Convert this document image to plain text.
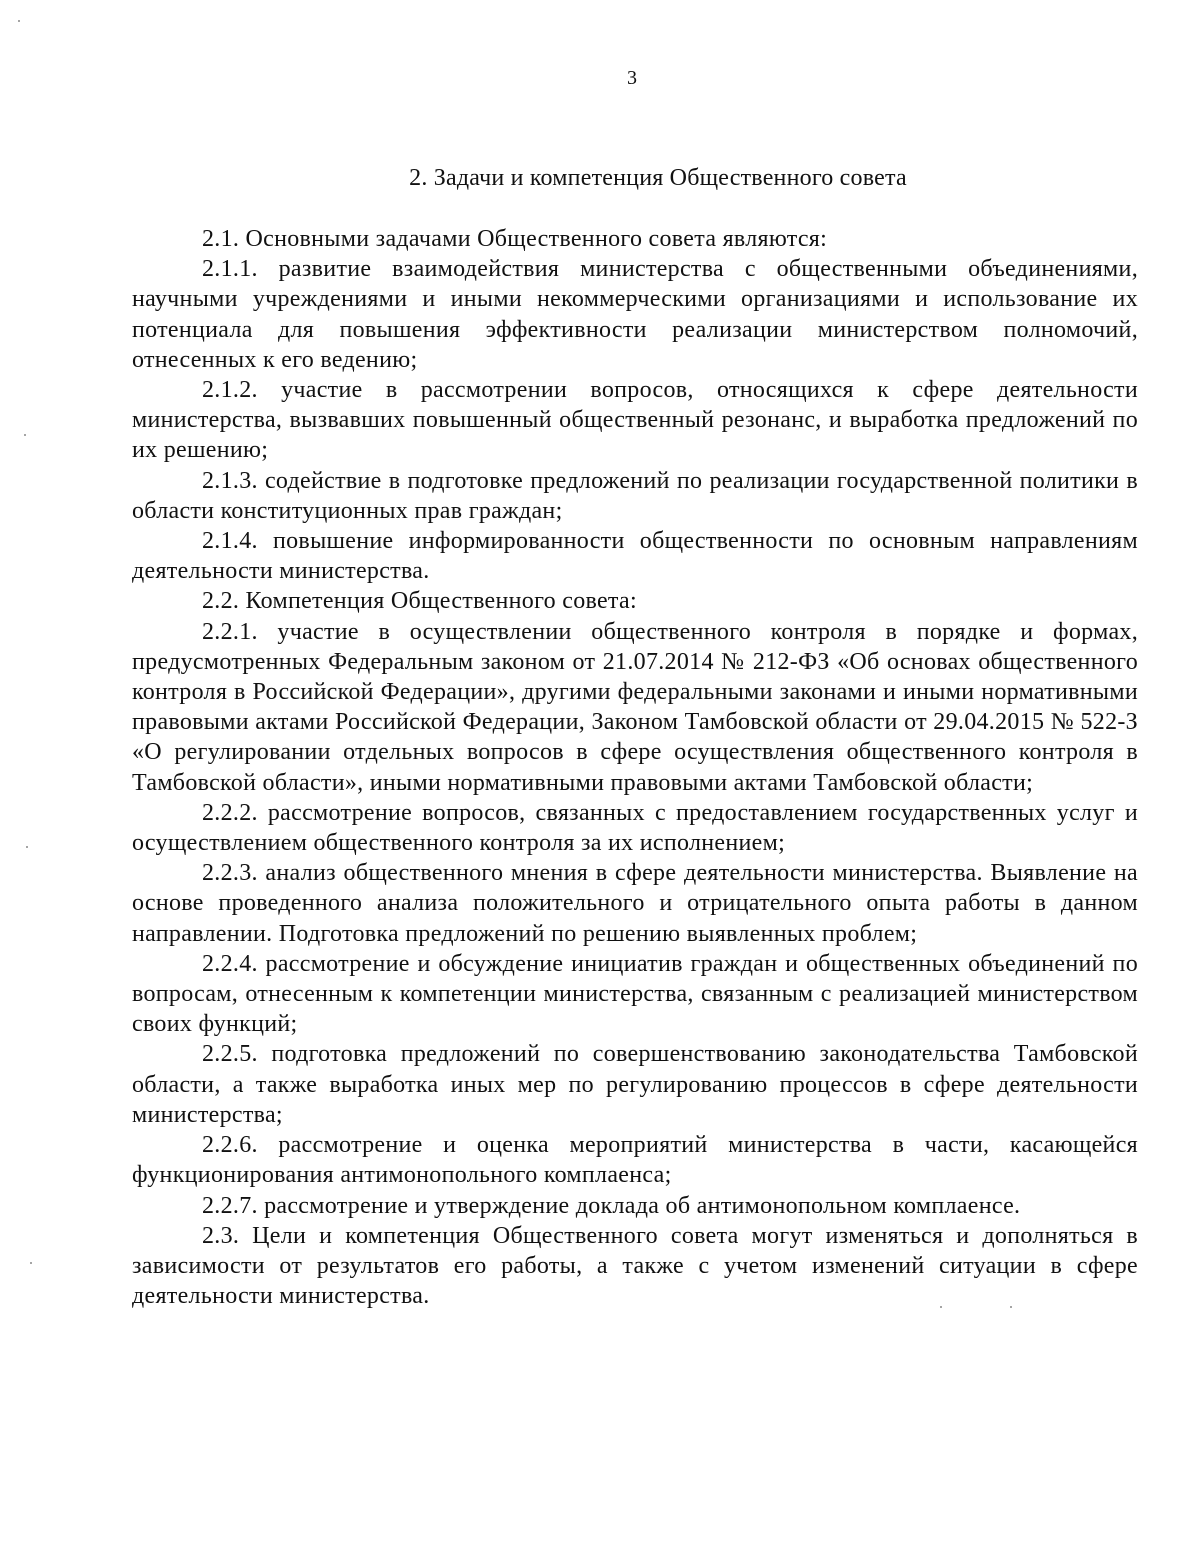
3
2. Задачи и компетенция Общественного совета

2.1. Основными задачами Общественного совета являются:

2.1.1. развитие взаимодействия министерства с общественными объединениями, научными учреждениями и иными некоммерческими организациями и использование их потенциала для повышения эффективности реализации министерством полномочий, отнесенных к его ведению;

2.1.2. участие в рассмотрении вопросов, относящихся к сфере деятельности министерства, вызвавших повышенный общественный резонанс, и выработка предложений по их решению;

2.1.3. содействие в подготовке предложений по реализации государственной политики в области конституционных прав граждан;

2.1.4. повышение информированности общественности по основным направлениям деятельности министерства.

2.2. Компетенция Общественного совета:

2.2.1. участие в осуществлении общественного контроля в порядке и формах, предусмотренных Федеральным законом от 21.07.2014 № 212-ФЗ «Об основах общественного контроля в Российской Федерации», другими федеральными законами и иными нормативными правовыми актами Российской Федерации, Законом Тамбовской области от 29.04.2015 № 522-З «О регулировании отдельных вопросов в сфере осуществления общественного контроля в Тамбовской области», иными нормативными правовыми актами Тамбовской области;

2.2.2. рассмотрение вопросов, связанных с предоставлением государственных услуг и осуществлением общественного контроля за их исполнением;

2.2.3. анализ общественного мнения в сфере деятельности министерства. Выявление на основе проведенного анализа положительного и отрицательного опыта работы в данном направлении. Подготовка предложений по решению выявленных проблем;

2.2.4. рассмотрение и обсуждение инициатив граждан и общественных объединений по вопросам, отнесенным к компетенции министерства, связанным с реализацией министерством своих функций;

2.2.5. подготовка предложений по совершенствованию законодательства Тамбовской области, а также выработка иных мер по регулированию процессов в сфере деятельности министерства;

2.2.6. рассмотрение и оценка мероприятий министерства в части, касающейся функционирования антимонопольного комплаенса;

2.2.7. рассмотрение и утверждение доклада об антимонопольном комплаенсе.

2.3. Цели и компетенция Общественного совета могут изменяться и дополняться в зависимости от результатов его работы, а также с учетом изменений ситуации в сфере деятельности министерства.
